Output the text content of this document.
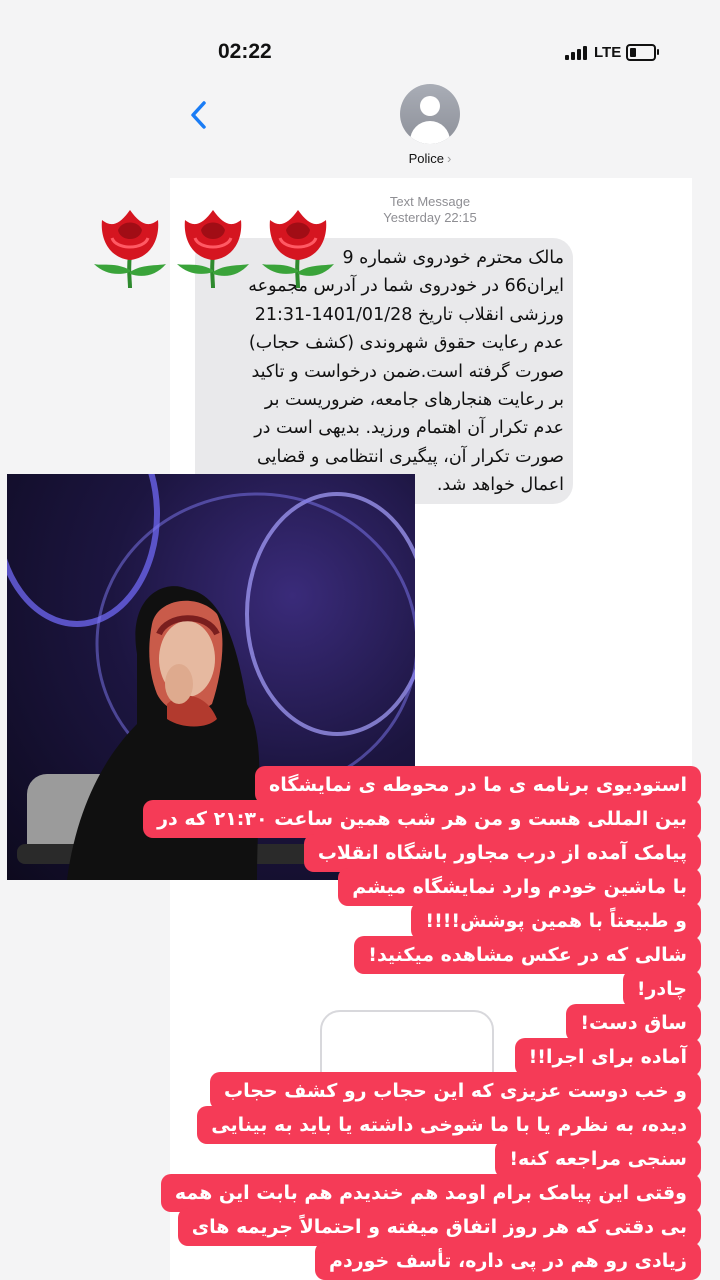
02:22	LTE
Police ›
Text Message
Yesterday 22:15
مالک محترم خودروی شماره 9
ایران66 در خودروی شما در آدرس مجموعه
ورزشی انقلاب تاریخ 1401/01/28-21:31
عدم رعایت حقوق شهروندی (کشف حجاب)
صورت گرفته است.ضمن درخواست و تاکید
بر رعایت هنجارهای جامعه، ضروریست بر
عدم تکرار آن اهتمام ورزید. بدیهی است در
صورت تکرار آن، پیگیری انتظامی و قضایی
اعمال خواهد شد.
استودیوی برنامه ی ما در محوطه ی نمایشگاه
بین المللی هست و من هر شب همین ساعت ۲۱:۳۰ که در
پیامک آمده از درب مجاور باشگاه انقلاب
با ماشین خودم وارد نمایشگاه میشم
و طبیعتاً با همین پوشش!!!!
شالی که در عکس مشاهده میکنید!
چادر!
ساق دست!
آماده برای اجرا!!
و خب دوست عزیزی که این حجاب رو کشف حجاب
دیده، به نظرم یا با ما شوخی داشته یا باید به بینایی
سنجی مراجعه کنه!
وقتی این پیامک برام اومد هم خندیدم هم بابت این همه
بی دقتی که هر روز اتفاق میفته و احتمالاً جریمه های
زیادی رو هم در پی داره، تأسف خوردم
